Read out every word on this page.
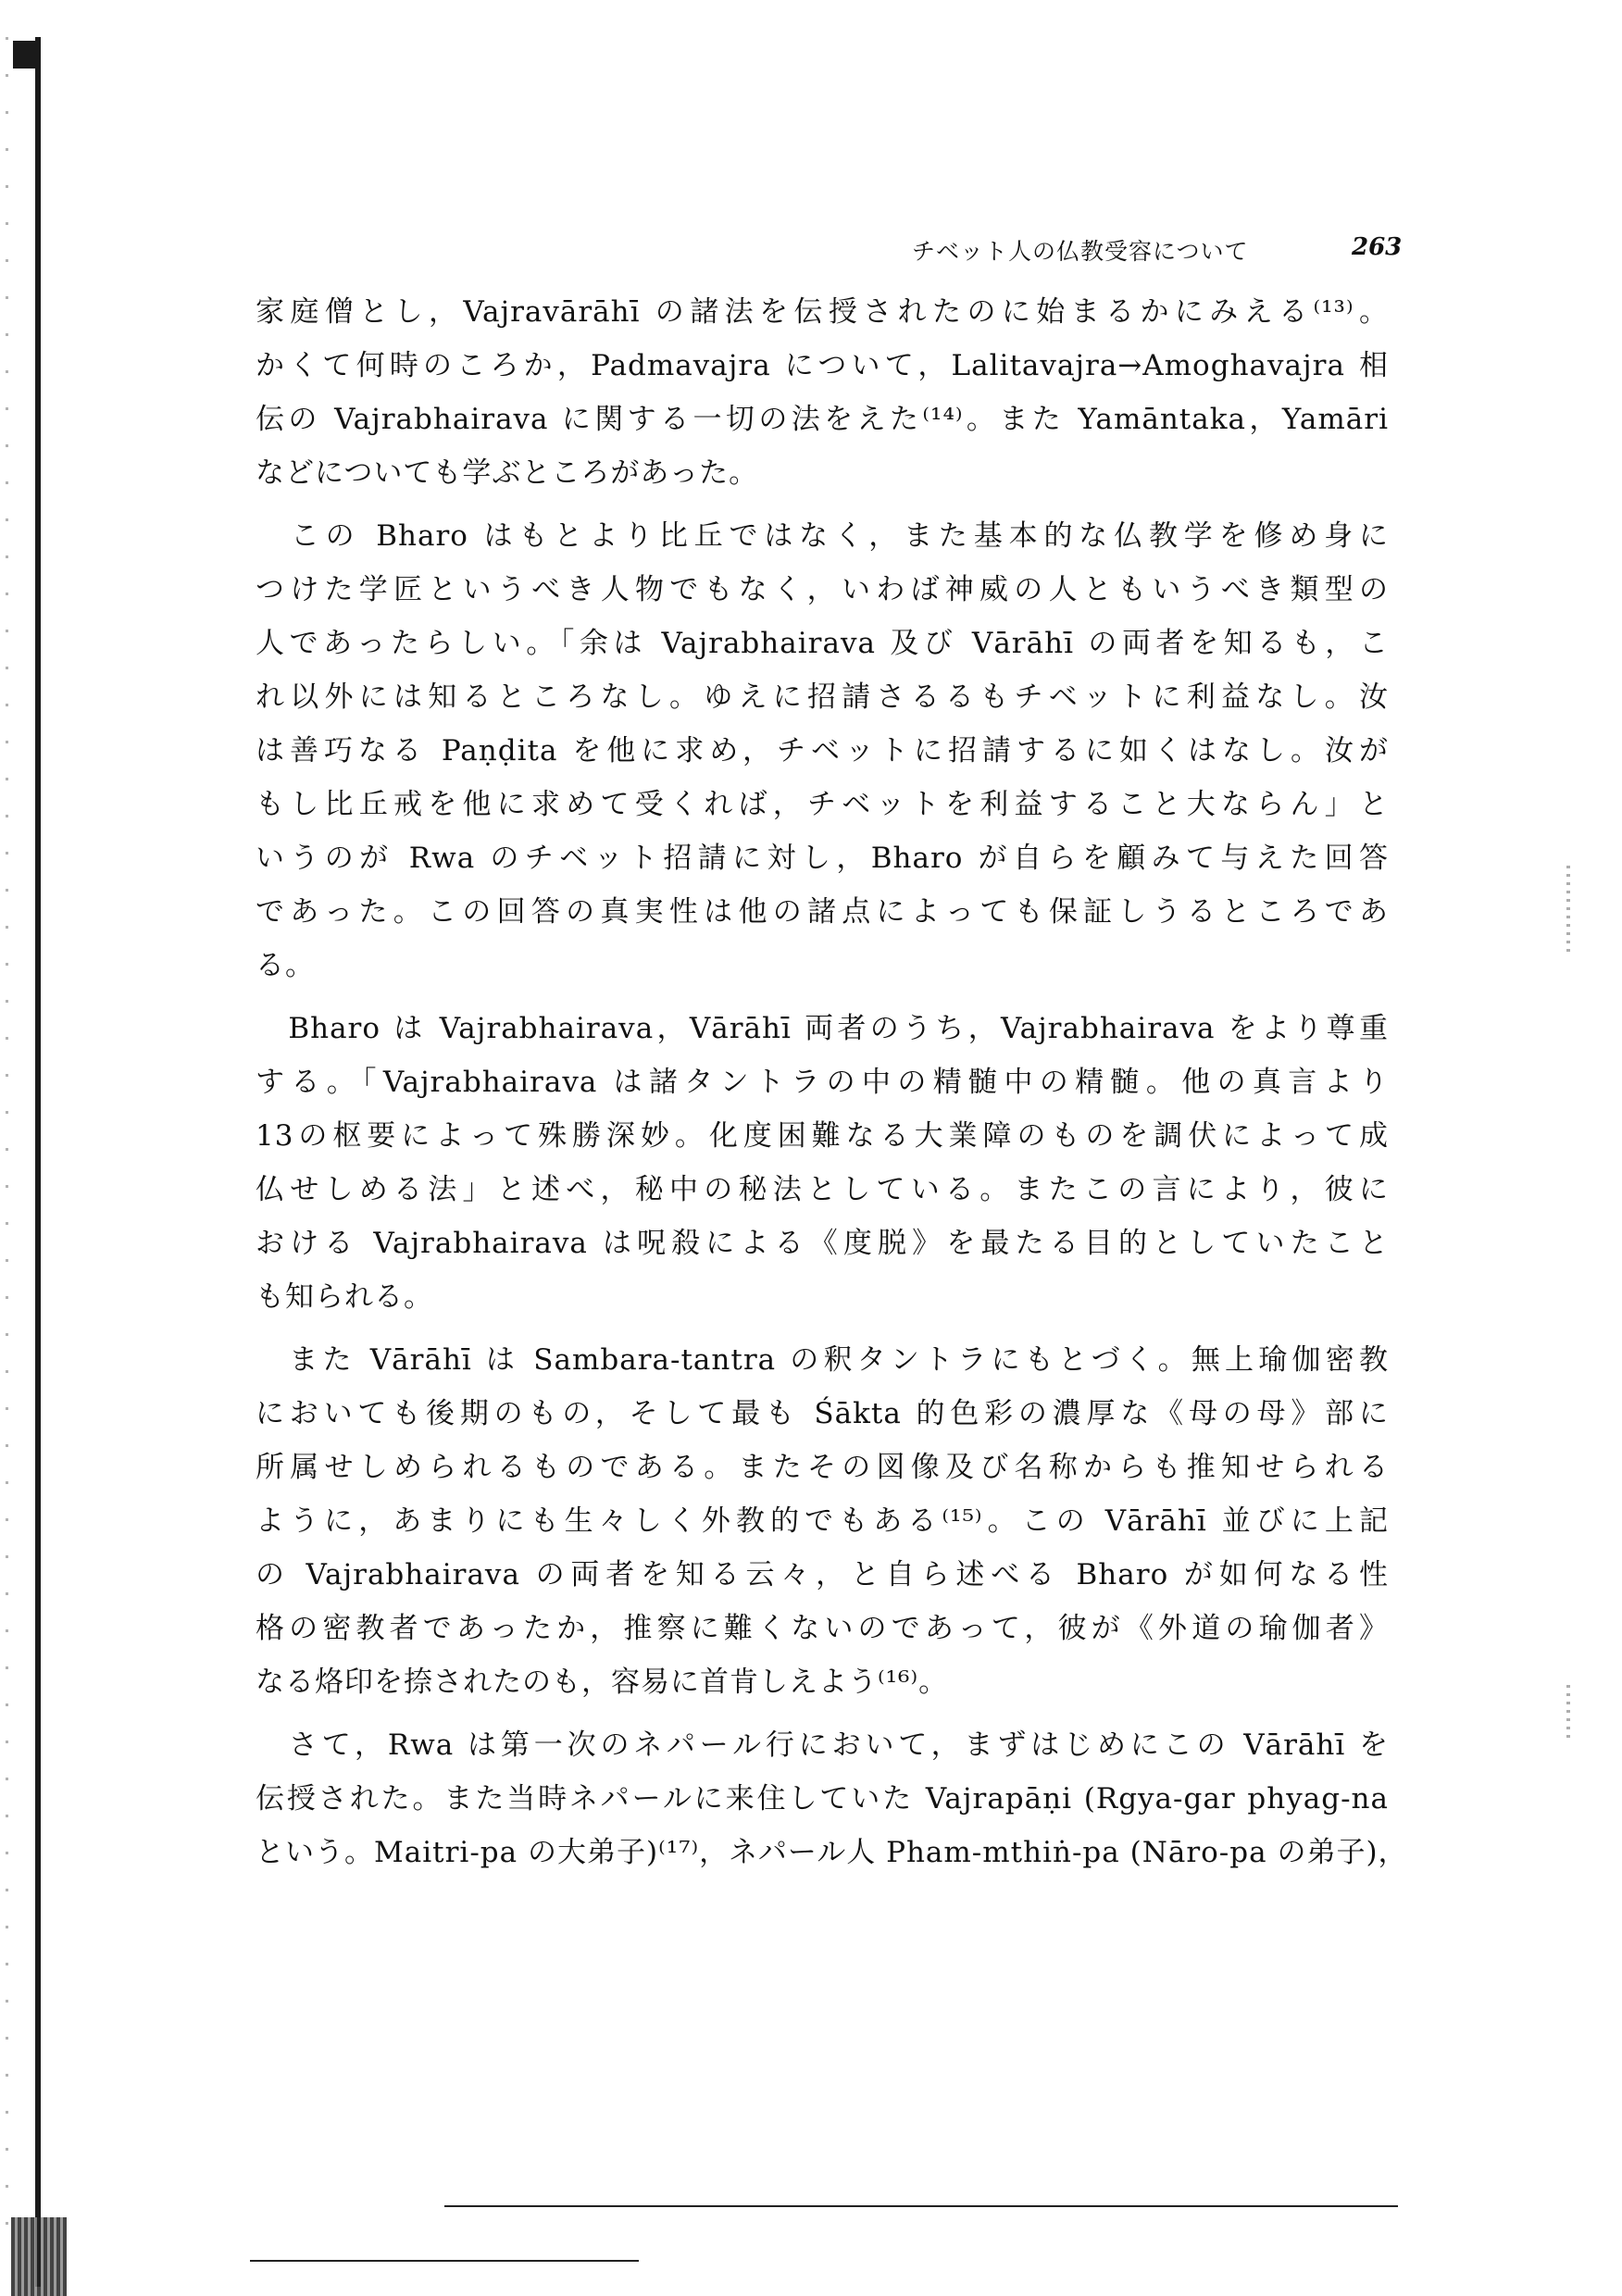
チベット人の仏教受容について	263
家庭僧とし，Vajravārāhī の諸法を伝授されたのに始まるかにみえる⁽¹³⁾。
かくて何時のころか，Padmavajra について，Lalitavajra→Amoghavajra 相
伝の Vajrabhairava に関する一切の法をえた⁽¹⁴⁾。また Yamāntaka，Yamāri
などについても学ぶところがあった。
　この Bharo はもとより比丘ではなく，また基本的な仏教学を修め身に
つけた学匠というべき人物でもなく，いわば神威の人ともいうべき類型の
人であったらしい。「余は Vajrabhairava 及び Vārāhī の両者を知るも，こ
れ以外には知るところなし。ゆえに招請さるるもチベットに利益なし。汝
は善巧なる Paṇḍita を他に求め，チベットに招請するに如くはなし。汝が
もし比丘戒を他に求めて受くれば，チベットを利益すること大ならん」と
いうのが Rwa のチベット招請に対し，Bharo が自らを顧みて与えた回答
であった。この回答の真実性は他の諸点によっても保証しうるところであ
る。
　Bharo は Vajrabhairava，Vārāhī 両者のうち，Vajrabhairava をより尊重
する。「Vajrabhairava は諸タントラの中の精髄中の精髄。他の真言より
13の枢要によって殊勝深妙。化度困難なる大業障のものを調伏によって成
仏せしめる法」と述べ，秘中の秘法としている。またこの言により，彼に
おける Vajrabhairava は呪殺による《度脱》を最たる目的としていたこと
も知られる。
　また Vārāhī は Sambara-tantra の釈タントラにもとづく。無上瑜伽密教
においても後期のもの，そして最も Śākta 的色彩の濃厚な《母の母》部に
所属せしめられるものである。またその図像及び名称からも推知せられる
ように，あまりにも生々しく外教的でもある⁽¹⁵⁾。この Vārāhī 並びに上記
の Vajrabhairava の両者を知る云々，と自ら述べる Bharo が如何なる性
格の密教者であったか，推察に難くないのであって，彼が《外道の瑜伽者》
なる烙印を捺されたのも，容易に首肯しえよう⁽¹⁶⁾。
　さて，Rwa は第一次のネパール行において，まずはじめにこの Vārāhī を
伝授された。また当時ネパールに来住していた Vajrapāṇi (Rgya-gar phyag-na
という。Maitri-pa の大弟子)⁽¹⁷⁾，ネパール人 Pham-mthiṅ-pa (Nāro-pa の弟子)，
